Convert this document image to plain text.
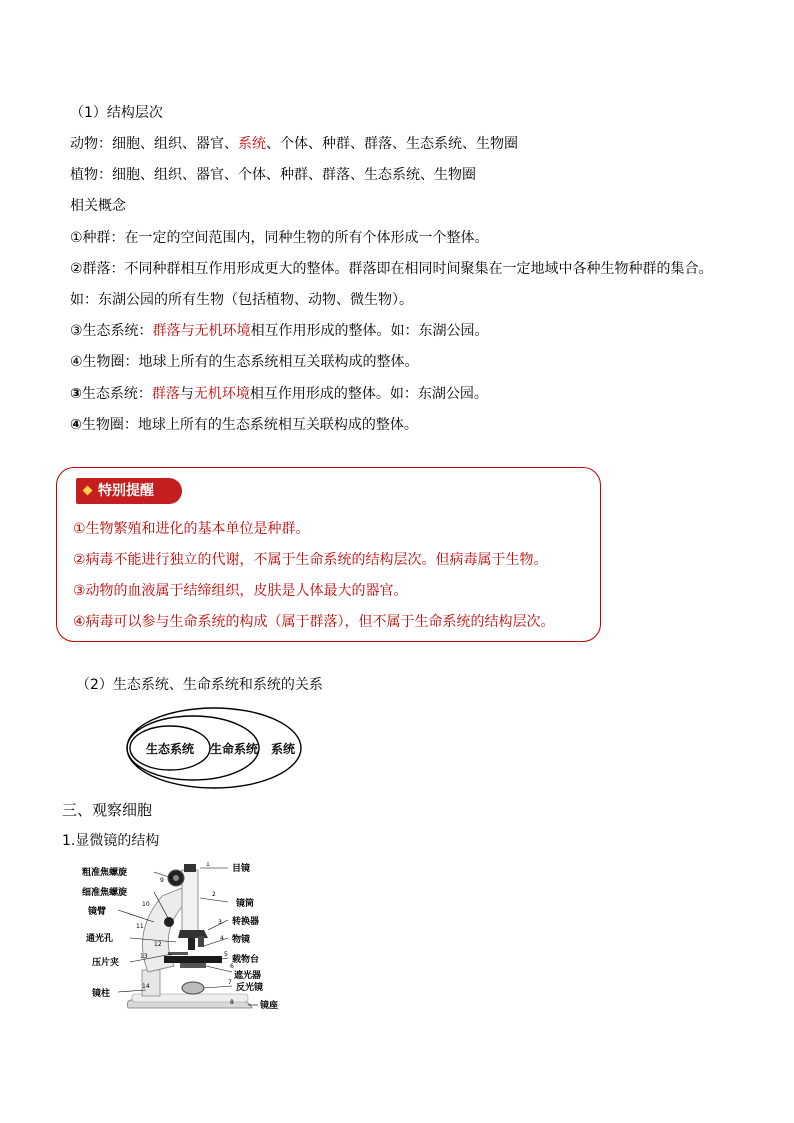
（1）结构层次
动物：细胞、组织、器官、系统、个体、种群、群落、生态系统、生物圈
植物：细胞、组织、器官、个体、种群、群落、生态系统、生物圈
相关概念
①种群：在一定的空间范围内，同种生物的所有个体形成一个整体。
②群落：不同种群相互作用形成更大的整体。群落即在相同时间聚集在一定地域中各种生物种群的集合。
如：东湖公园的所有生物（包括植物、动物、微生物）。
③生态系统：群落与无机环境相互作用形成的整体。如：东湖公园。
④生物圈：地球上所有的生态系统相互关联构成的整体。
③生态系统：群落与无机环境相互作用形成的整体。如：东湖公园。
④生物圈：地球上所有的生态系统相互关联构成的整体。
特别提醒
①生物繁殖和进化的基本单位是种群。
②病毒不能进行独立的代谢，不属于生命系统的结构层次。但病毒属于生物。
③动物的血液属于结缔组织，皮肤是人体最大的器官。
④病毒可以参与生命系统的构成（属于群落），但不属于生命系统的结构层次。
（2）生态系统、生命系统和系统的关系
生态系统 生命系统 系统
三、观察细胞
1.显微镜的结构
1
2
3
4
5
6
7
8
9
10
11
12
13
14
粗准焦螺旋
细准焦螺旋
镜臂
通光孔
压片夹
镜柱
目镜
镜筒
转换器
物镜
载物台
遮光器
反光镜
镜座
